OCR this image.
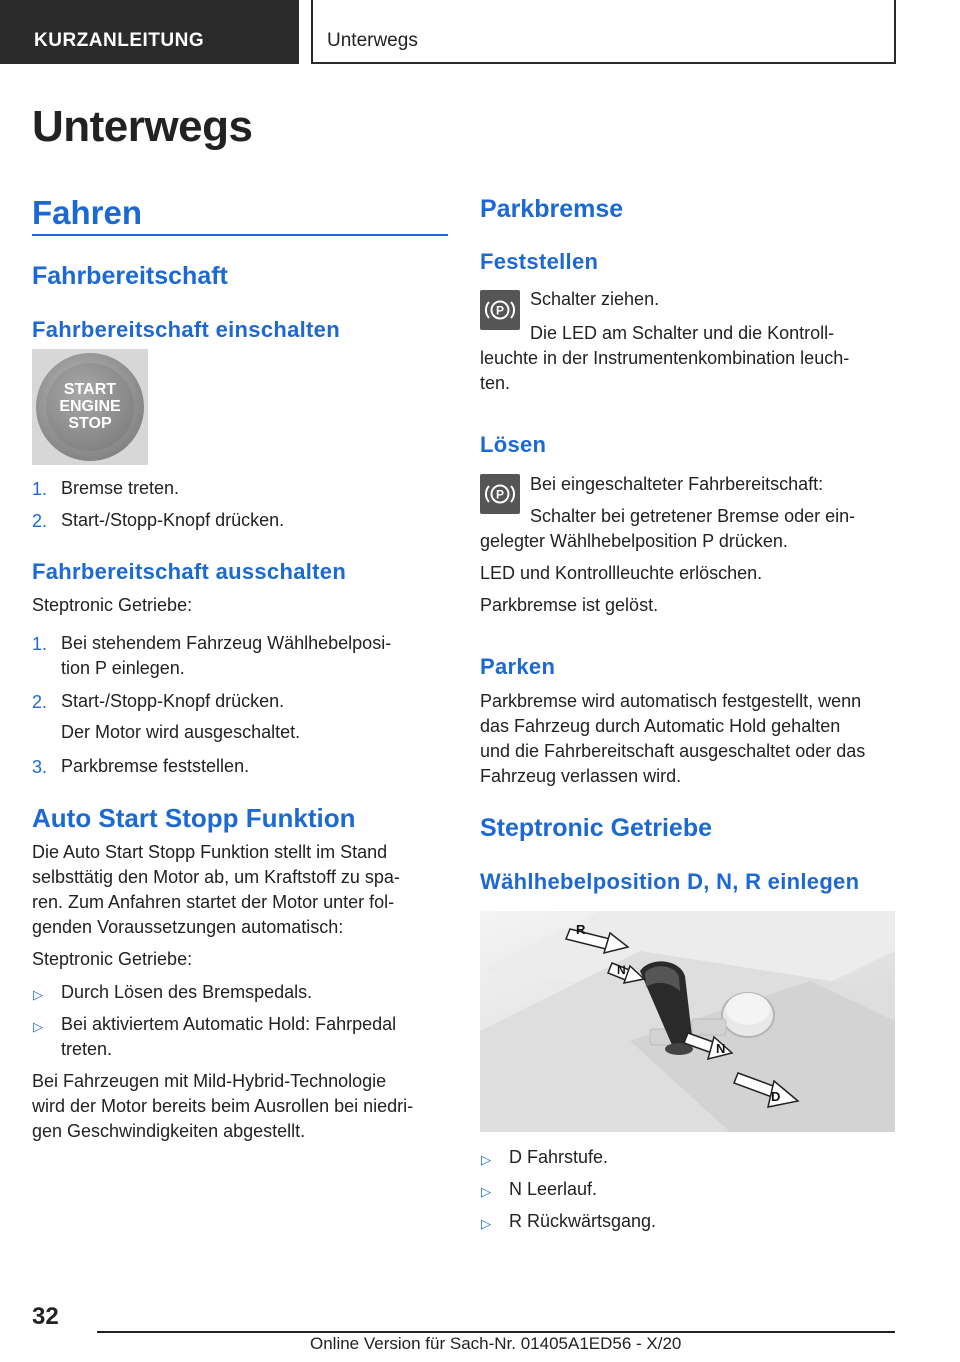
KURZANLEITUNG	Unterwegs
Unterwegs
Fahren
Fahrbereitschaft
Fahrbereitschaft einschalten
START
ENGINE
STOP
1. Bremse treten.
2. Start-/Stopp-Knopf drücken.
Fahrbereitschaft ausschalten
Steptronic Getriebe:
1. Bei stehendem Fahrzeug Wählhebelposi-
tion P einlegen.
2. Start-/Stopp-Knopf drücken.
Der Motor wird ausgeschaltet.
3. Parkbremse feststellen.
Auto Start Stopp Funktion
Die Auto Start Stopp Funktion stellt im Stand
selbsttätig den Motor ab, um Kraftstoff zu spa-
ren. Zum Anfahren startet der Motor unter fol-
genden Voraussetzungen automatisch:
Steptronic Getriebe:
▷ Durch Lösen des Bremspedals.
▷ Bei aktiviertem Automatic Hold: Fahrpedal
treten.
Bei Fahrzeugen mit Mild-Hybrid-Technologie
wird der Motor bereits beim Ausrollen bei niedri-
gen Geschwindigkeiten abgestellt.
Parkbremse
Feststellen
P
Schalter ziehen.
Die LED am Schalter und die Kontroll-
leuchte in der Instrumentenkombination leuch-
ten.
Lösen
P
Bei eingeschalteter Fahrbereitschaft:
Schalter bei getretener Bremse oder ein-
gelegter Wählhebelposition P drücken.
LED und Kontrollleuchte erlöschen.
Parkbremse ist gelöst.
Parken
Parkbremse wird automatisch festgestellt, wenn
das Fahrzeug durch Automatic Hold gehalten
und die Fahrbereitschaft ausgeschaltet oder das
Fahrzeug verlassen wird.
Steptronic Getriebe
Wählhebelposition D, N, R einlegen
R
N
N
D
▷ D Fahrstufe.
▷ N Leerlauf.
▷ R Rückwärtsgang.
32
Online Version für Sach-Nr. 01405A1ED56 - X/20
